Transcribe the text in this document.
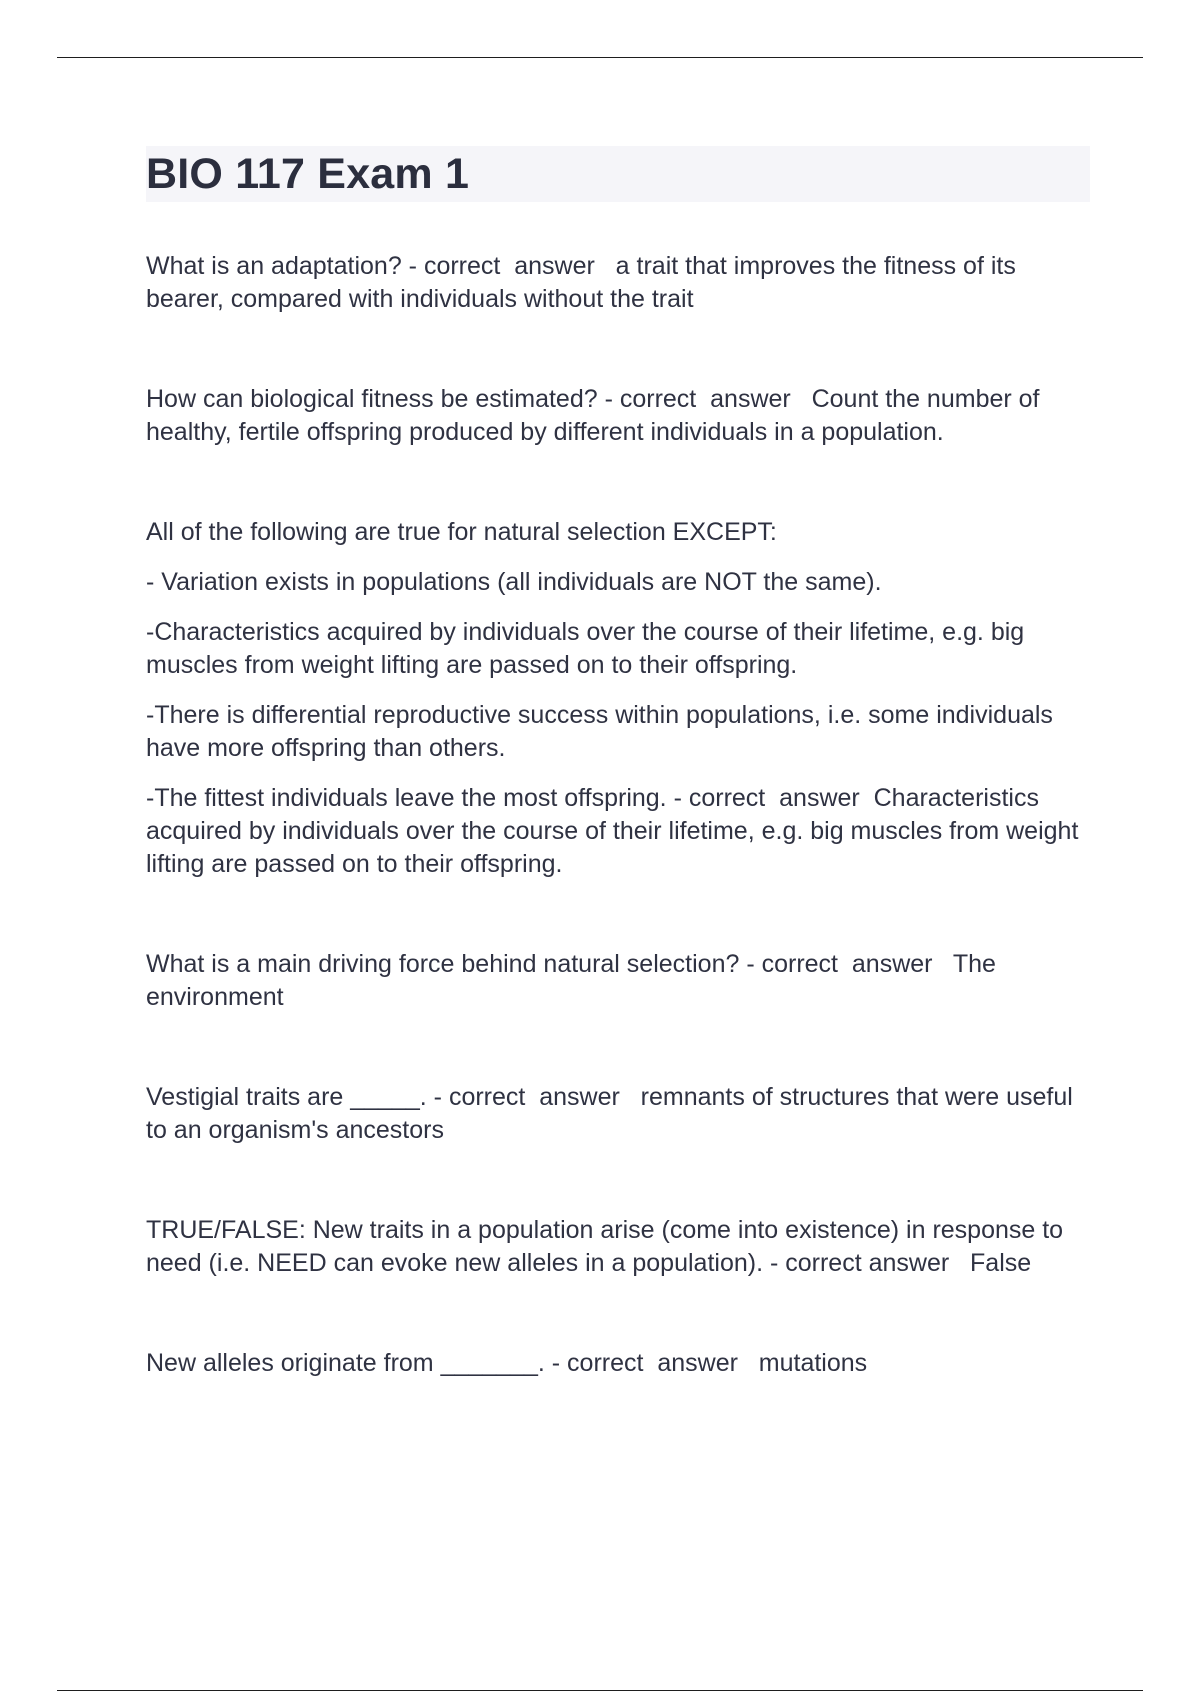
BIO 117 Exam 1

What is an adaptation? - correct  answer   a trait that improves the fitness of its bearer, compared with individuals without the trait

How can biological fitness be estimated? - correct  answer   Count the number of healthy, fertile offspring produced by different individuals in a population.

All of the following are true for natural selection EXCEPT:

- Variation exists in populations (all individuals are NOT the same).

-Characteristics acquired by individuals over the course of their lifetime, e.g. big muscles from weight lifting are passed on to their offspring.

-There is differential reproductive success within populations, i.e. some individuals have more offspring than others.

-The fittest individuals leave the most offspring. - correct  answer  Characteristics acquired by individuals over the course of their lifetime, e.g. big muscles from weight lifting are passed on to their offspring.

What is a main driving force behind natural selection? - correct  answer   The environment

Vestigial traits are _____. - correct  answer   remnants of structures that were useful to an organism's ancestors

TRUE/FALSE: New traits in a population arise (come into existence) in response to need (i.e. NEED can evoke new alleles in a population). - correct answer   False

New alleles originate from _______. - correct  answer   mutations
